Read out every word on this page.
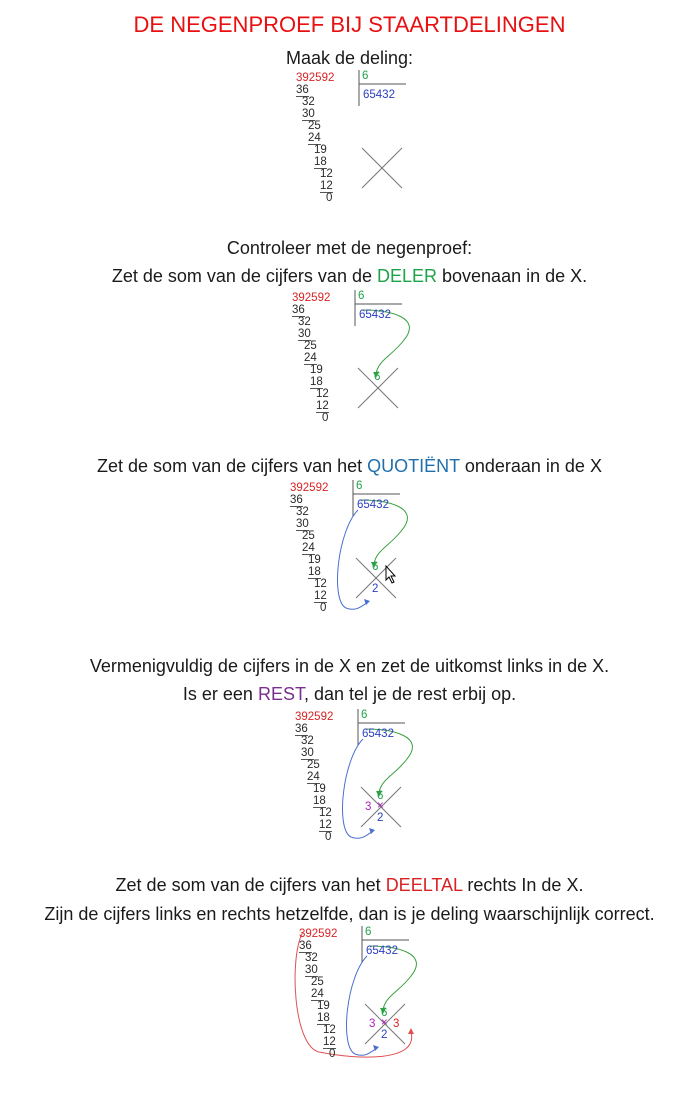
DE NEGENPROEF BIJ STAARTDELINGEN
Maak de deling:
392592 6
65432
36
32
30
25
24
19
18
12
12
0
Controleer met de negenproef:
Zet de som van de cijfers van de DELER bovenaan in de X.
392592 6
65432
36
32
30
25
24
19
18
12
12
0
6
Zet de som van de cijfers van het QUOTIËNT onderaan in de X
392592 6
65432
36
32
30
25
24
19
18
12
12
0
6
2
Vermenigvuldig de cijfers in de X en zet de uitkomst links in de X.
Is er een REST, dan tel je de rest erbij op.
392592 6
65432
36
32
30
25
24
19
18
12
12
0
6
2
3 ×
Zet de som van de cijfers van het DEELTAL rechts In de X.
Zijn de cijfers links en rechts hetzelfde, dan is je deling waarschijnlijk correct.
392592 6
65432
36
32
30
25
24
19
18
12
12
0
6
2
3 3
×
